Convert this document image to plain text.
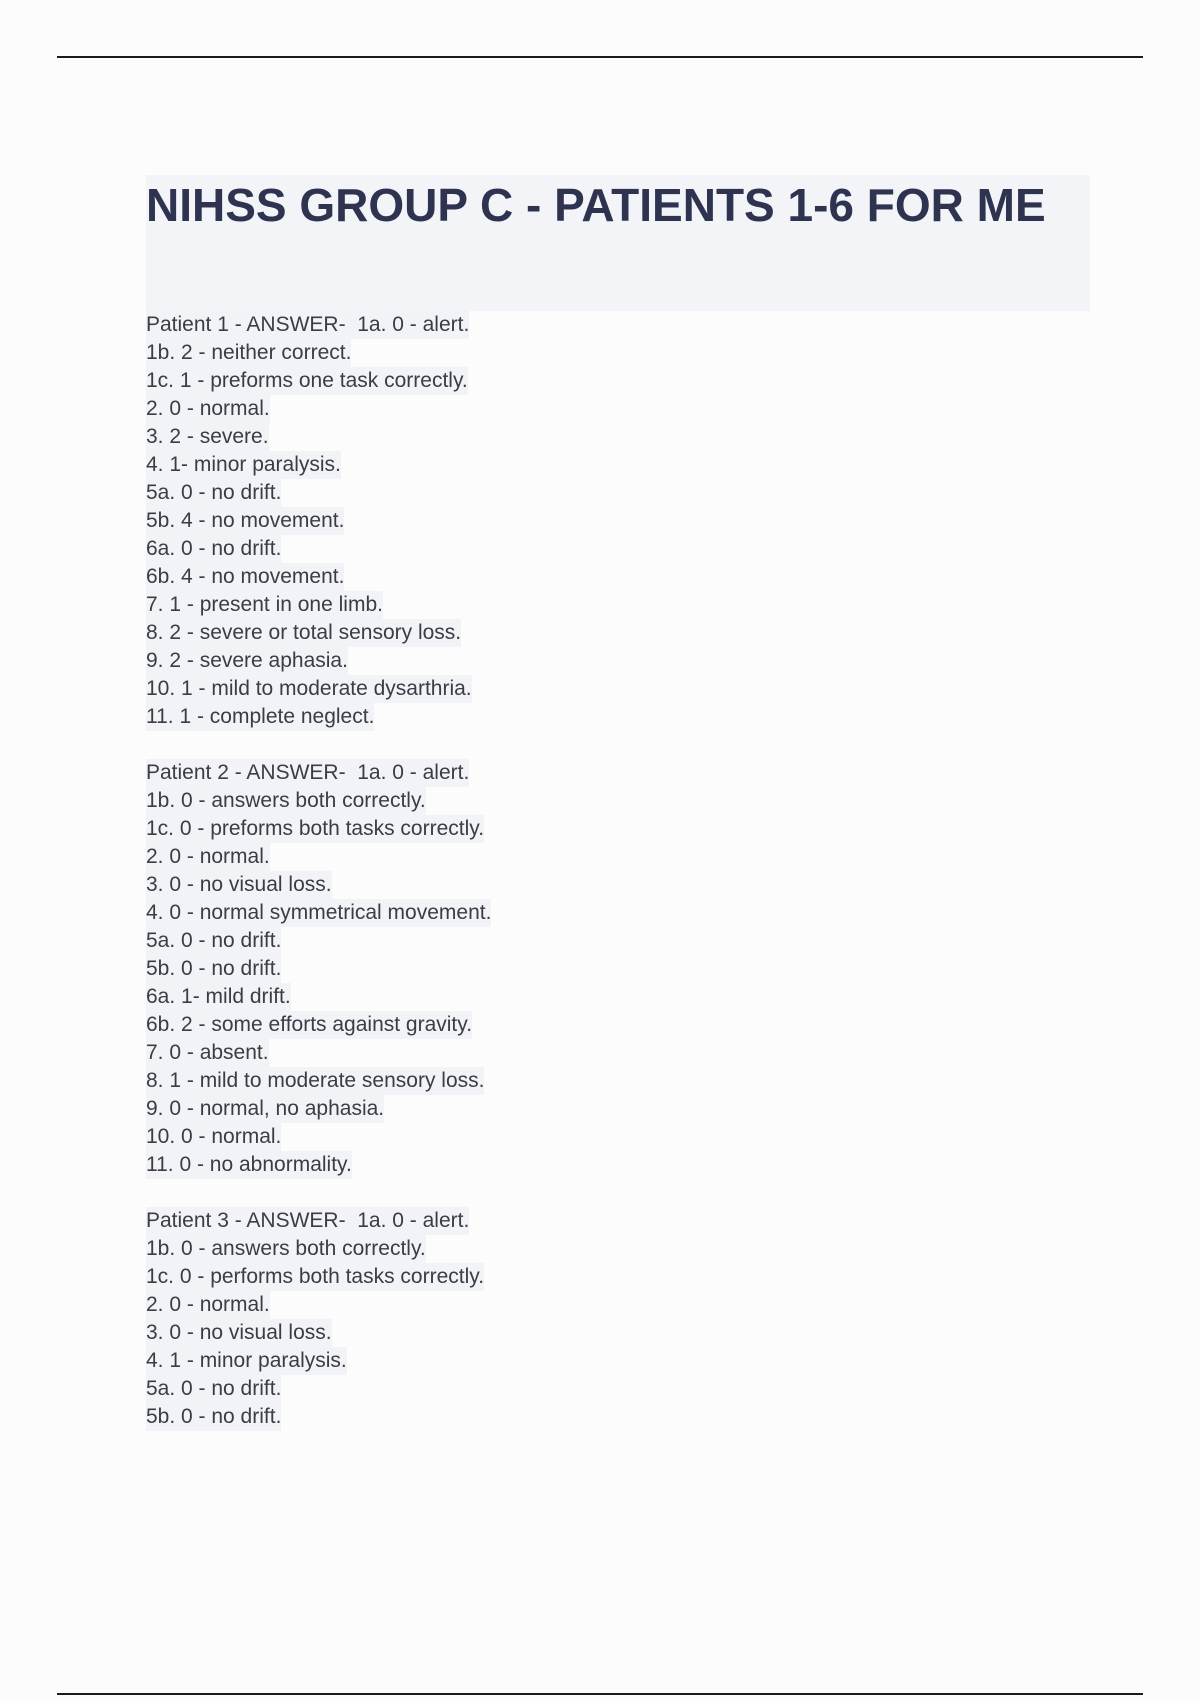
NIHSS GROUP C - PATIENTS 1-6 FOR ME
Patient 1 - ANSWER-  1a. 0 - alert.
1b. 2 - neither correct.
1c. 1 - preforms one task correctly.
2. 0 - normal.
3. 2 - severe.
4. 1- minor paralysis.
5a. 0 - no drift.
5b. 4 - no movement.
6a. 0 - no drift.
6b. 4 - no movement.
7. 1 - present in one limb.
8. 2 - severe or total sensory loss.
9. 2 - severe aphasia.
10. 1 - mild to moderate dysarthria.
11. 1 - complete neglect.
Patient 2 - ANSWER-  1a. 0 - alert.
1b. 0 - answers both correctly.
1c. 0 - preforms both tasks correctly.
2. 0 - normal.
3. 0 - no visual loss.
4. 0 - normal symmetrical movement.
5a. 0 - no drift.
5b. 0 - no drift.
6a. 1- mild drift.
6b. 2 - some efforts against gravity.
7. 0 - absent.
8. 1 - mild to moderate sensory loss.
9. 0 - normal, no aphasia.
10. 0 - normal.
11. 0 - no abnormality.
Patient 3 - ANSWER-  1a. 0 - alert.
1b. 0 - answers both correctly.
1c. 0 - performs both tasks correctly.
2. 0 - normal.
3. 0 - no visual loss.
4. 1 - minor paralysis.
5a. 0 - no drift.
5b. 0 - no drift.
